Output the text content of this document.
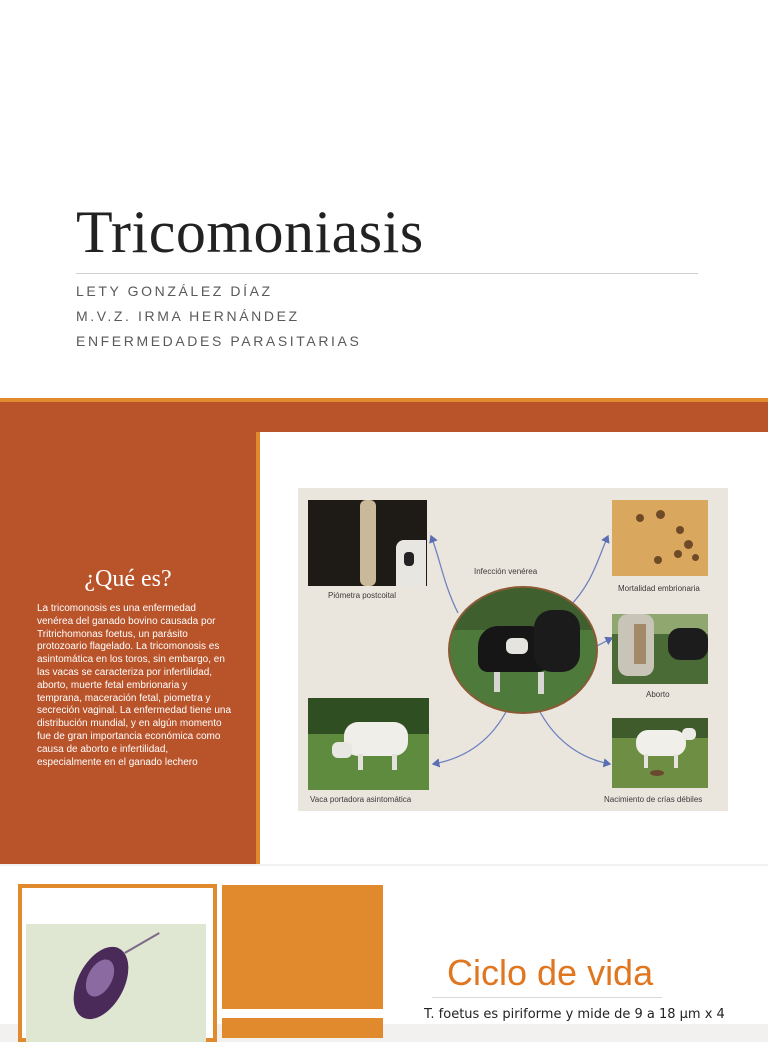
Tricomoniasis
LETY GONZÁLEZ DÍAZ
M.V.Z. IRMA HERNÁNDEZ
ENFERMEDADES PARASITARIAS
¿Qué es?
La tricomonosis es una enfermedad venérea del ganado bovino causada por Tritrichomonas foetus, un parásito protozoario flagelado. La tricomonosis es asintomática en los toros, sin embargo, en las vacas se caracteriza por infertilidad, aborto, muerte fetal embrionaria y temprana, maceración fetal, piometra y secreción vaginal. La enfermedad tiene una distribución mundial, y en algún momento fue de gran importancia económica como causa de aborto e infertilidad, especialmente en el ganado lechero
Piómetra postcoital
Infección venérea
Mortalidad embrionaria
Aborto
Vaca portadora asintomática	Nacimiento de crías débiles
Ciclo de vida
T. foetus es piriforme y mide de 9 a 18 µm x 4
